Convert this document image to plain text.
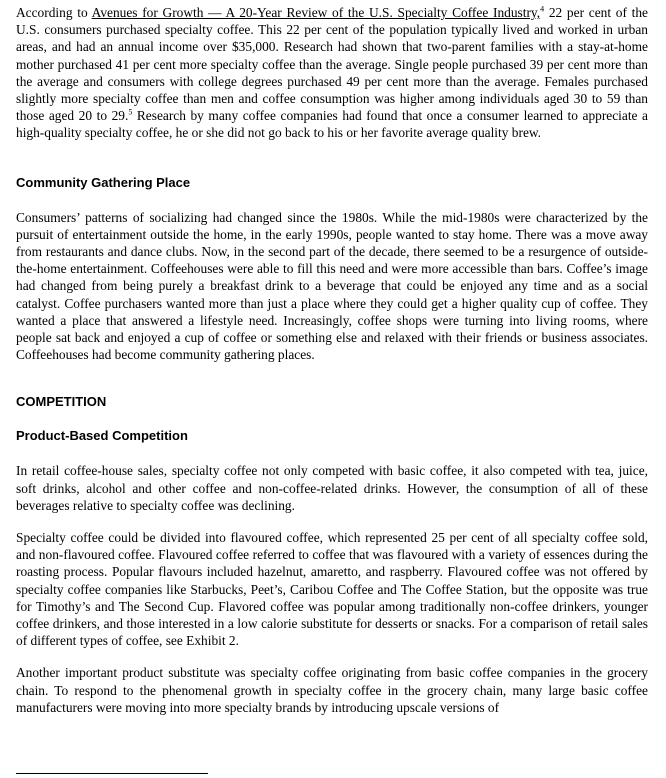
According to Avenues for Growth — A 20-Year Review of the U.S. Specialty Coffee Industry,$^4$ 22 per cent of the U.S. consumers purchased specialty coffee. This 22 per cent of the population typically lived and worked in urban areas, and had an annual income over $35,000. Research had shown that two-parent families with a stay-at-home mother purchased 41 per cent more specialty coffee than the average. Single people purchased 39 per cent more than the average and consumers with college degrees purchased 49 per cent more than the average. Females purchased slightly more specialty coffee than men and coffee consumption was higher among individuals aged 30 to 59 than those aged 20 to 29.$^5$ Research by many coffee companies had found that once a consumer learned to appreciate a high-quality specialty coffee, he or she did not go back to his or her favorite average quality brew.

Community Gathering Place

Consumers’ patterns of socializing had changed since the 1980s. While the mid-1980s were characterized by the pursuit of entertainment outside the home, in the early 1990s, people wanted to stay home. There was a move away from restaurants and dance clubs. Now, in the second part of the decade, there seemed to be a resurgence of outside-the-home entertainment. Coffeehouses were able to fill this need and were more accessible than bars. Coffee’s image had changed from being purely a breakfast drink to a beverage that could be enjoyed any time and as a social catalyst. Coffee purchasers wanted more than just a place where they could get a higher quality cup of coffee. They wanted a place that answered a lifestyle need. Increasingly, coffee shops were turning into living rooms, where people sat back and enjoyed a cup of coffee or something else and relaxed with their friends or business associates. Coffeehouses had become community gathering places.

COMPETITION
Product-Based Competition

In retail coffee-house sales, specialty coffee not only competed with basic coffee, it also competed with tea, juice, soft drinks, alcohol and other coffee and non-coffee-related drinks. However, the consumption of all of these beverages relative to specialty coffee was declining.

Specialty coffee could be divided into flavoured coffee, which represented 25 per cent of all specialty coffee sold, and non-flavoured coffee. Flavoured coffee referred to coffee that was flavoured with a variety of essences during the roasting process. Popular flavours included hazelnut, amaretto, and raspberry. Flavoured coffee was not offered by specialty coffee companies like Starbucks, Peet’s, Caribou Coffee and The Coffee Station, but the opposite was true for Timothy’s and The Second Cup. Flavored coffee was popular among traditionally non-coffee drinkers, younger coffee drinkers, and those interested in a low calorie substitute for desserts or snacks. For a comparison of retail sales of different types of coffee, see Exhibit 2.

Another important product substitute was specialty coffee originating from basic coffee companies in the grocery chain. To respond to the phenomenal growth in specialty coffee in the grocery chain, many large basic coffee manufacturers were moving into more specialty brands by introducing upscale versions of
